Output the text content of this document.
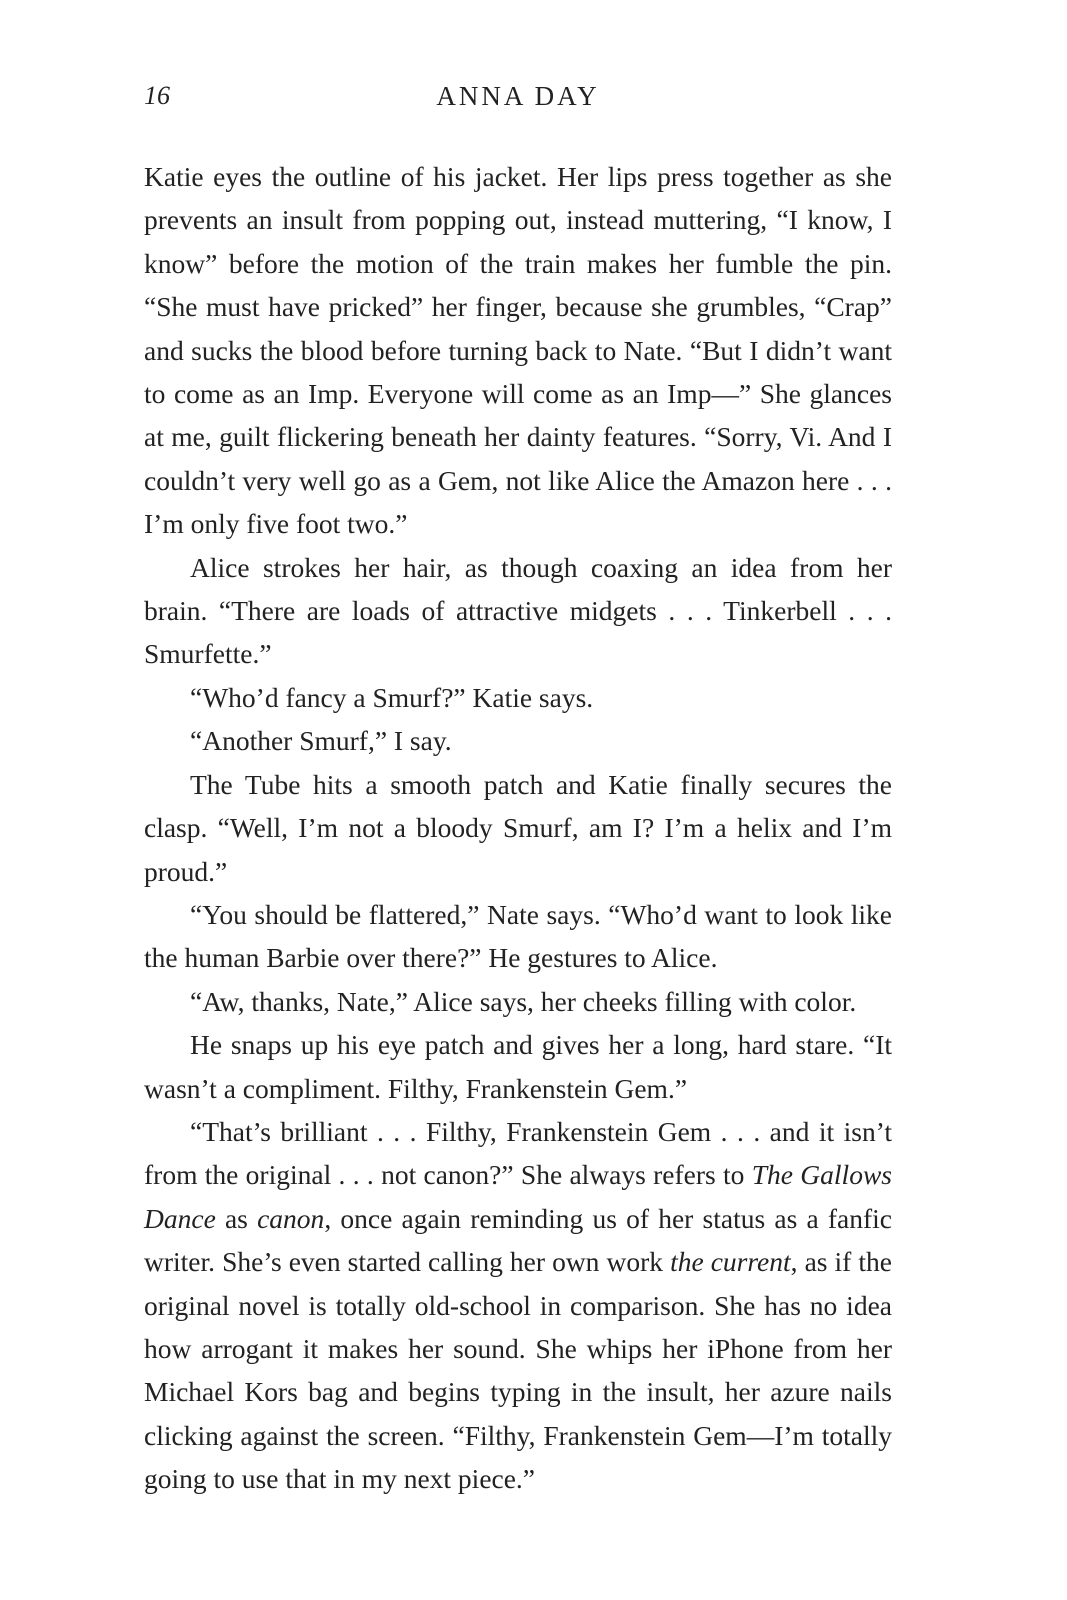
16	ANNA DAY

Katie eyes the outline of his jacket. Her lips press together as she prevents an insult from popping out, instead muttering, “I know, I know” before the motion of the train makes her fumble the pin. “She must have pricked” her finger, because she grumbles, “Crap” and sucks the blood before turning back to Nate. “But I didn’t want to come as an Imp. Everyone will come as an Imp—” She glances at me, guilt flickering beneath her dainty features. “Sorry, Vi. And I couldn’t very well go as a Gem, not like Alice the Amazon here . . . I’m only five foot two.”

Alice strokes her hair, as though coaxing an idea from her brain. “There are loads of attractive midgets . . . Tinkerbell . . . Smurfette.”

“Who’d fancy a Smurf?” Katie says.

“Another Smurf,” I say.

The Tube hits a smooth patch and Katie finally secures the clasp. “Well, I’m not a bloody Smurf, am I? I’m a helix and I’m proud.”

“You should be flattered,” Nate says. “Who’d want to look like the human Barbie over there?” He gestures to Alice.

“Aw, thanks, Nate,” Alice says, her cheeks filling with color.

He snaps up his eye patch and gives her a long, hard stare. “It wasn’t a compliment. Filthy, Frankenstein Gem.”

“That’s brilliant . . . Filthy, Frankenstein Gem . . . and it isn’t from the original . . . not canon?” She always refers to The Gallows Dance as canon, once again reminding us of her status as a fanfic writer. She’s even started calling her own work the current, as if the original novel is totally old-school in comparison. She has no idea how arrogant it makes her sound. She whips her iPhone from her Michael Kors bag and begins typing in the insult, her azure nails clicking against the screen. “Filthy, Frankenstein Gem—I’m totally going to use that in my next piece.”
